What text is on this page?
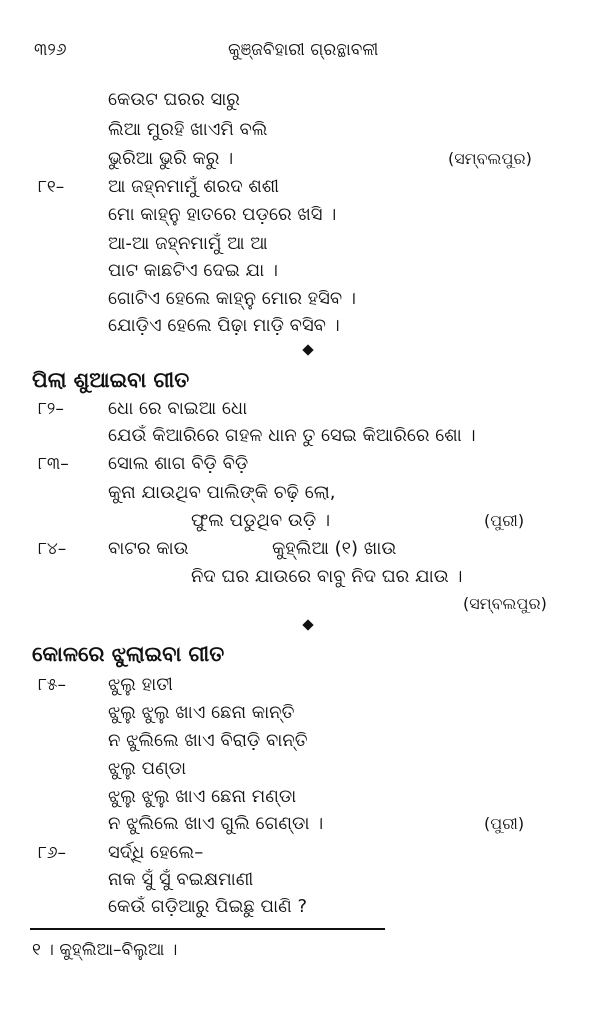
୩୨୬	କୁଞ୍ଜବିହାରୀ ଗ୍ରନ୍ଥାବଳୀ
କେଉଟ ଘରର ସାରୁ
ଲିଆ ମୁରହି ଖାଏମି ବଲି
ଭୁରିଆ ଭୁରି କରୁ ।	(ସମ୍ବଲପୁର)
୮୧– ଆ ଜହ୍ନମାମୁଁ ଶରଦ ଶଶୀ
ମୋ କାହ୍ନୁ ହାତରେ ପଡ଼ରେ ଖସି ।
ଆ-ଆ ଜହ୍ନମାମୁଁ ଆ ଆ
ପାଟ କାଛଟିଏ ଦେଇ ଯା ।
ଗୋଟିଏ ହେଲେ କାହ୍ନୁ ମୋର ହସିବ ।
ଯୋଡ଼ିଏ ହେଲେ ପିଢ଼ା ମାଡ଼ି ବସିବ ।
ପିଲା ଶୁଆଇବା ଗୀତ
୮୨– ଧୋ ରେ ବାଇଆ ଧୋ
ଯେଉଁ କିଆରିରେ ଗହଳ ଧାନ ତୁ ସେଇ କିଆରିରେ ଶୋ ।
୮୩– ସୋଲ ଶାଗ ବିଡ଼ି ବିଡ଼ି
କୁନା ଯାଉଥିବ ପାଲିଙ୍କି ଚଢ଼ି ଲୋ,
ଫୁଲ ପଡୁଥିବ ଉଡ଼ି ।	(ପୁରୀ)
୮୪– ବାଟର କାଉ	କୁହ୍ଲିଆ (୧) ଖାଉ
ନିଦ ଘର ଯାଉରେ ବାବୁ ନିଦ ଘର ଯାଉ ।
(ସମ୍ବଲପୁର)
କୋଳରେ ଝୁଲାଇବା ଗୀତ
୮୫– ଝୁଲୁ ହାତୀ
ଝୁଲୁ ଝୁଲୁ ଖାଏ ଛେନା କାନ୍ତି
ନ ଝୁଲିଲେ ଖାଏ ବିରାଡ଼ି ବାନ୍ତି
ଝୁଲୁ ପଣ୍ଡା
ଝୁଲୁ ଝୁଲୁ ଖାଏ ଛେନା ମଣ୍ଡା
ନ ଝୁଲିଲେ ଖାଏ ଗୁଲି ଗେଣ୍ଡା ।	(ପୁରୀ)
୮୬– ସର୍ଦ୍ଧି ହେଲେ–
ନାକ ସୁଁ ସୁଁ ବଇକ୍ଷମାଣୀ
କେଉଁ ଗଡ଼ିଆରୁ ପିଇଛୁ ପାଣି ?
୧ । କୁହ୍ଲିଆ–ବିଲୁଆ ।
